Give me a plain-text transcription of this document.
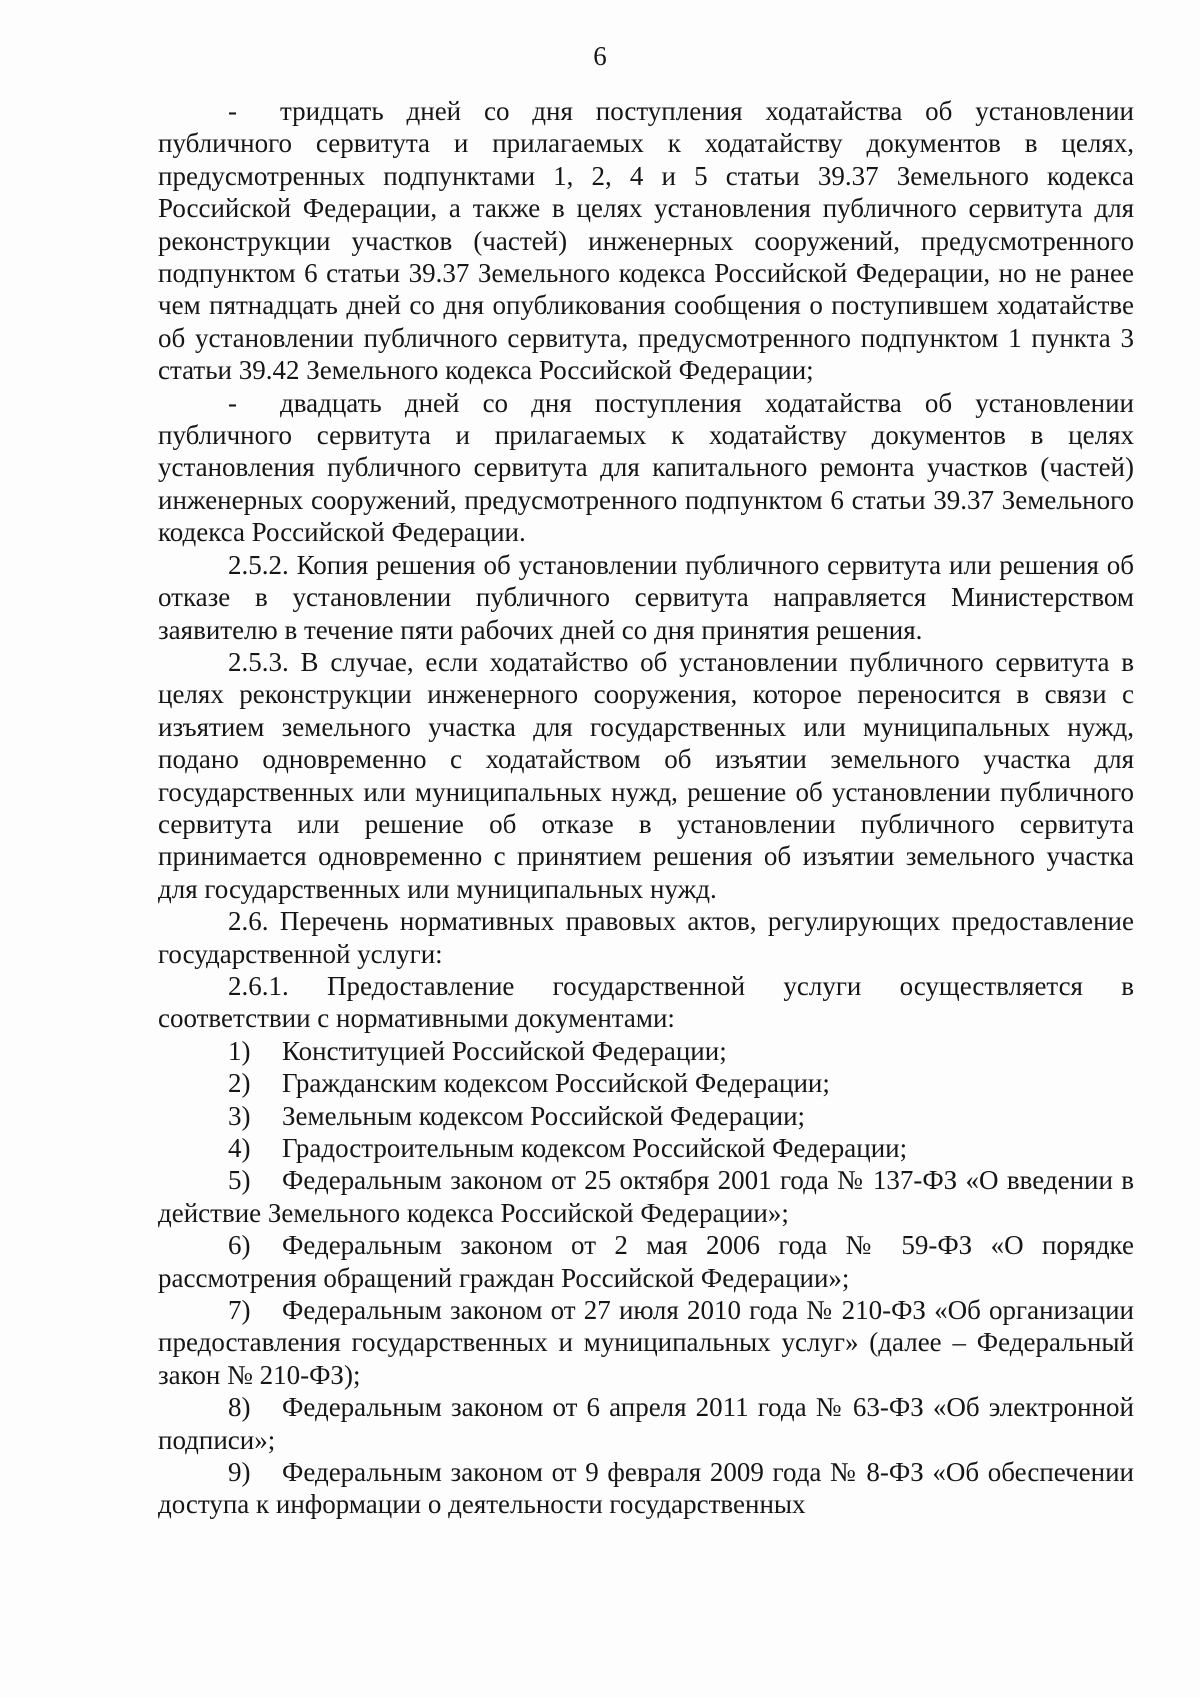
6

- тридцать дней со дня поступления ходатайства об установлении публичного сервитута и прилагаемых к ходатайству документов в целях, предусмотренных подпунктами 1, 2, 4 и 5 статьи 39.37 Земельного кодекса Российской Федерации, а также в целях установления публичного сервитута для реконструкции участков (частей) инженерных сооружений, предусмотренного подпунктом 6 статьи 39.37 Земельного кодекса Российской Федерации, но не ранее чем пятнадцать дней со дня опубликования сообщения о поступившем ходатайстве об установлении публичного сервитута, предусмотренного подпунктом 1 пункта 3 статьи 39.42 Земельного кодекса Российской Федерации;

- двадцать дней со дня поступления ходатайства об установлении публичного сервитута и прилагаемых к ходатайству документов в целях установления публичного сервитута для капитального ремонта участков (частей) инженерных сооружений, предусмотренного подпунктом 6 статьи 39.37 Земельного кодекса Российской Федерации.

2.5.2. Копия решения об установлении публичного сервитута или решения об отказе в установлении публичного сервитута направляется Министерством заявителю в течение пяти рабочих дней со дня принятия решения.

2.5.3. В случае, если ходатайство об установлении публичного сервитута в целях реконструкции инженерного сооружения, которое переносится в связи с изъятием земельного участка для государственных или муниципальных нужд, подано одновременно с ходатайством об изъятии земельного участка для государственных или муниципальных нужд, решение об установлении публичного сервитута или решение об отказе в установлении публичного сервитута принимается одновременно с принятием решения об изъятии земельного участка для государственных или муниципальных нужд.

2.6. Перечень нормативных правовых актов, регулирующих предоставление государственной услуги:

2.6.1. Предоставление государственной услуги осуществляется в соответствии с нормативными документами:

1) Конституцией Российской Федерации;

2) Гражданским кодексом Российской Федерации;

3) Земельным кодексом Российской Федерации;

4) Градостроительным кодексом Российской Федерации;

5) Федеральным законом от 25 октября 2001 года № 137-ФЗ «О введении в действие Земельного кодекса Российской Федерации»;

6) Федеральным законом от 2 мая 2006 года № 59-ФЗ «О порядке рассмотрения обращений граждан Российской Федерации»;

7) Федеральным законом от 27 июля 2010 года № 210-ФЗ «Об организации предоставления государственных и муниципальных услуг» (далее – Федеральный закон № 210-ФЗ);

8) Федеральным законом от 6 апреля 2011 года № 63-ФЗ «Об электронной подписи»;

9) Федеральным законом от 9 февраля 2009 года № 8-ФЗ «Об обеспечении доступа к информации о деятельности государственных
